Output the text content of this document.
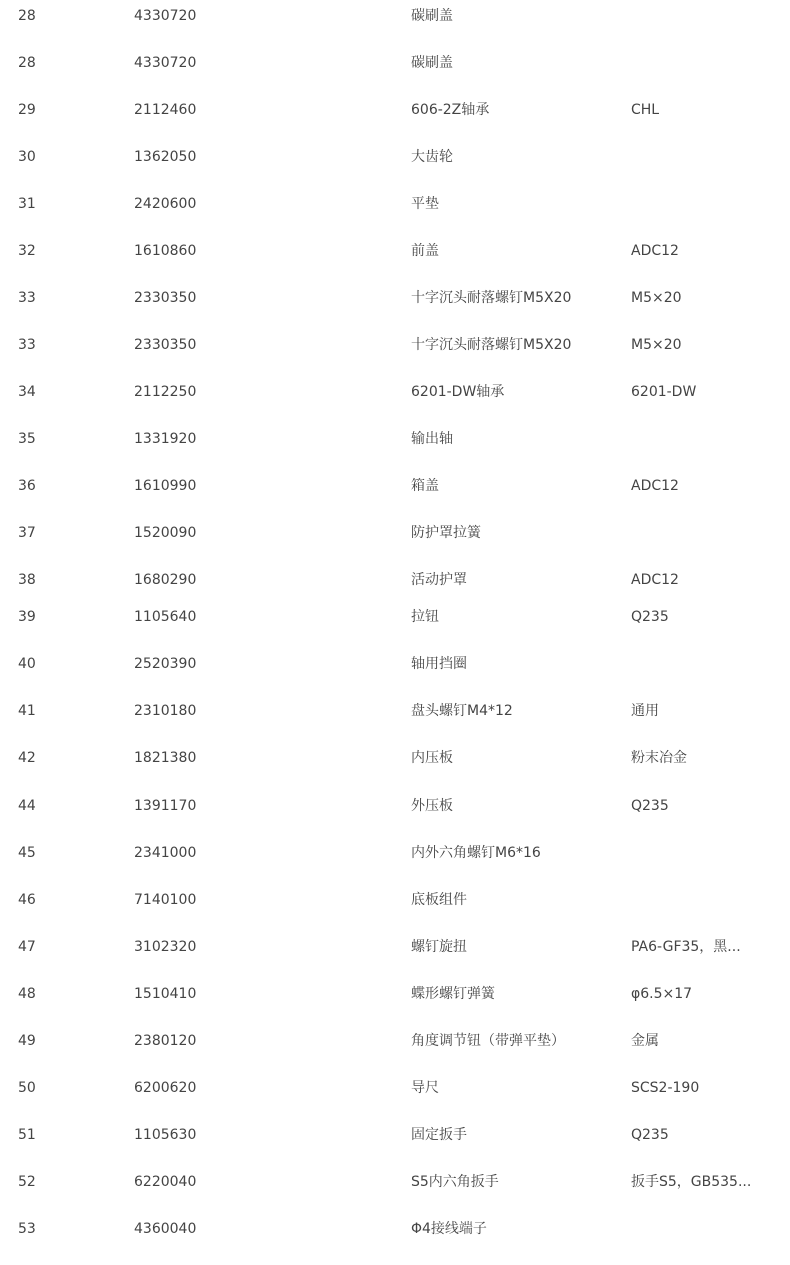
28	4330720	碳刷盖
28	4330720	碳刷盖
29	2112460	606-2Z轴承	CHL
30	1362050	大齿轮
31	2420600	平垫
32	1610860	前盖	ADC12
33	2330350	十字沉头耐落螺钉M5X20	M5×20
33	2330350	十字沉头耐落螺钉M5X20	M5×20
34	2112250	6201-DW轴承	6201-DW
35	1331920	输出轴
36	1610990	箱盖	ADC12
37	1520090	防护罩拉簧
38	1680290	活动护罩	ADC12
39	1105640	拉钮	Q235
40	2520390	轴用挡圈
41	2310180	盘头螺钉M4*12	通用
42	1821380	内压板	粉末冶金
44	1391170	外压板	Q235
45	2341000	内外六角螺钉M6*16
46	7140100	底板组件
47	3102320	螺钉旋扭	PA6-GF35，黑...
48	1510410	蝶形螺钉弹簧	φ6.5×17
49	2380120	角度调节钮（带弹平垫）	金属
50	6200620	导尺	SCS2-190
51	1105630	固定扳手	Q235
52	6220040	S5内六角扳手	扳手S5，GB535...
53	4360040	Φ4接线端子
